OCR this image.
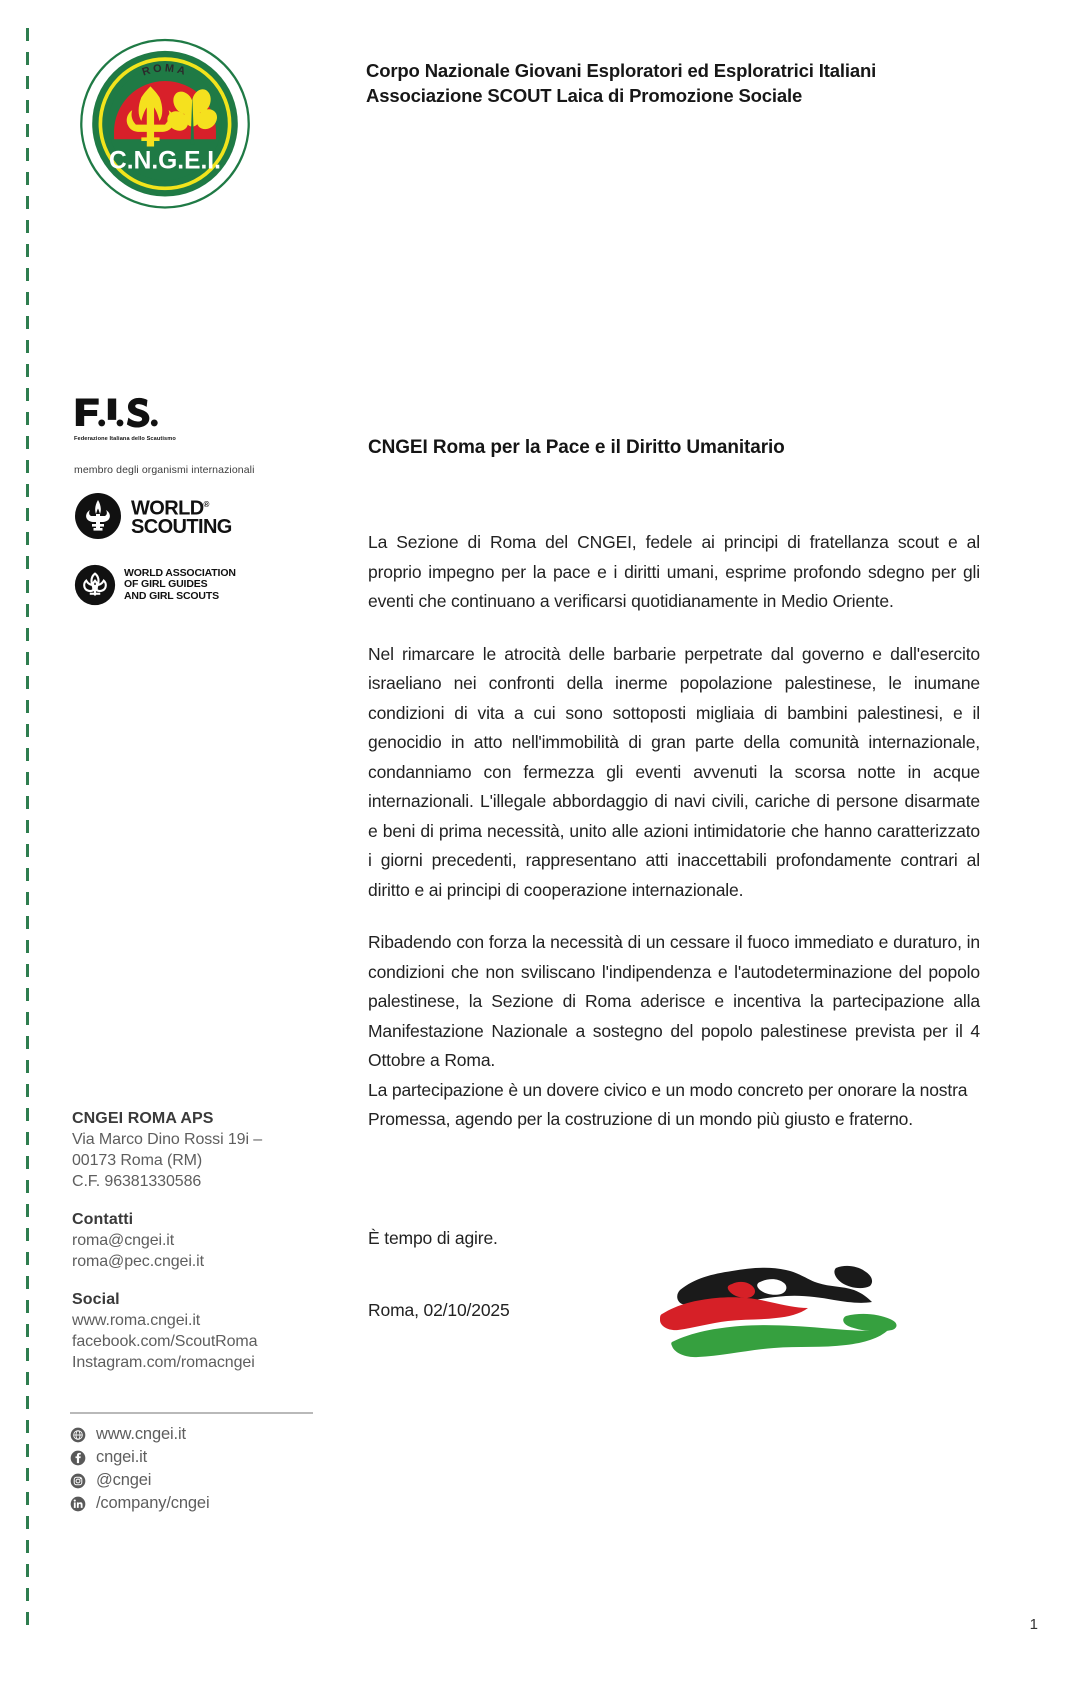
C.N.G.E.I.
ROMA
Federazione Italiana dello Scautismo
membro degli organismi internazionali
WORLD®
SCOUTING
WORLD ASSOCIATION
OF GIRL GUIDES
AND GIRL SCOUTS
CNGEI ROMA APS
Via Marco Dino Rossi 19i –
00173 Roma (RM)
C.F. 96381330586
Contatti
roma@cngei.it
roma@pec.cngei.it
Social
www.roma.cngei.it
facebook.com/ScoutRoma
Instagram.com/romacngei
www.cngei.it
cngei.it
@cngei
/company/cngei
Corpo Nazionale Giovani Esploratori ed Esploratrici Italiani
Associazione SCOUT Laica di Promozione Sociale
CNGEI Roma per la Pace e il Diritto Umanitario

La Sezione di Roma del CNGEI, fedele ai principi di fratellanza scout e al proprio impegno per la pace e i diritti umani, esprime profondo sdegno per gli eventi che continuano a verificarsi quotidianamente in Medio Oriente.

Nel rimarcare le atrocità delle barbarie perpetrate dal governo e dall'esercito israeliano nei confronti della inerme popolazione palestinese, le inumane condizioni di vita a cui sono sottoposti migliaia di bambini palestinesi, e il genocidio in atto nell'immobilità di gran parte della comunità internazionale, condanniamo con fermezza gli eventi avvenuti la scorsa notte in acque internazionali. L'illegale abbordaggio di navi civili, cariche di persone disarmate e beni di prima necessità, unito alle azioni intimidatorie che hanno caratterizzato i giorni precedenti, rappresentano atti inaccettabili profondamente contrari al diritto e ai principi di cooperazione internazionale.

Ribadendo con forza la necessità di un cessare il fuoco immediato e duraturo, in condizioni che non sviliscano l'indipendenza e l'autodeterminazione del popolo palestinese, la Sezione di Roma aderisce e incentiva la partecipazione alla Manifestazione Nazionale a sostegno del popolo palestinese prevista per il 4 Ottobre a Roma.

La partecipazione è un dovere civico e un modo concreto per onorare la nostra Promessa, agendo per la costruzione di un mondo più giusto e fraterno.

È tempo di agire.
Roma, 02/10/2025
1
